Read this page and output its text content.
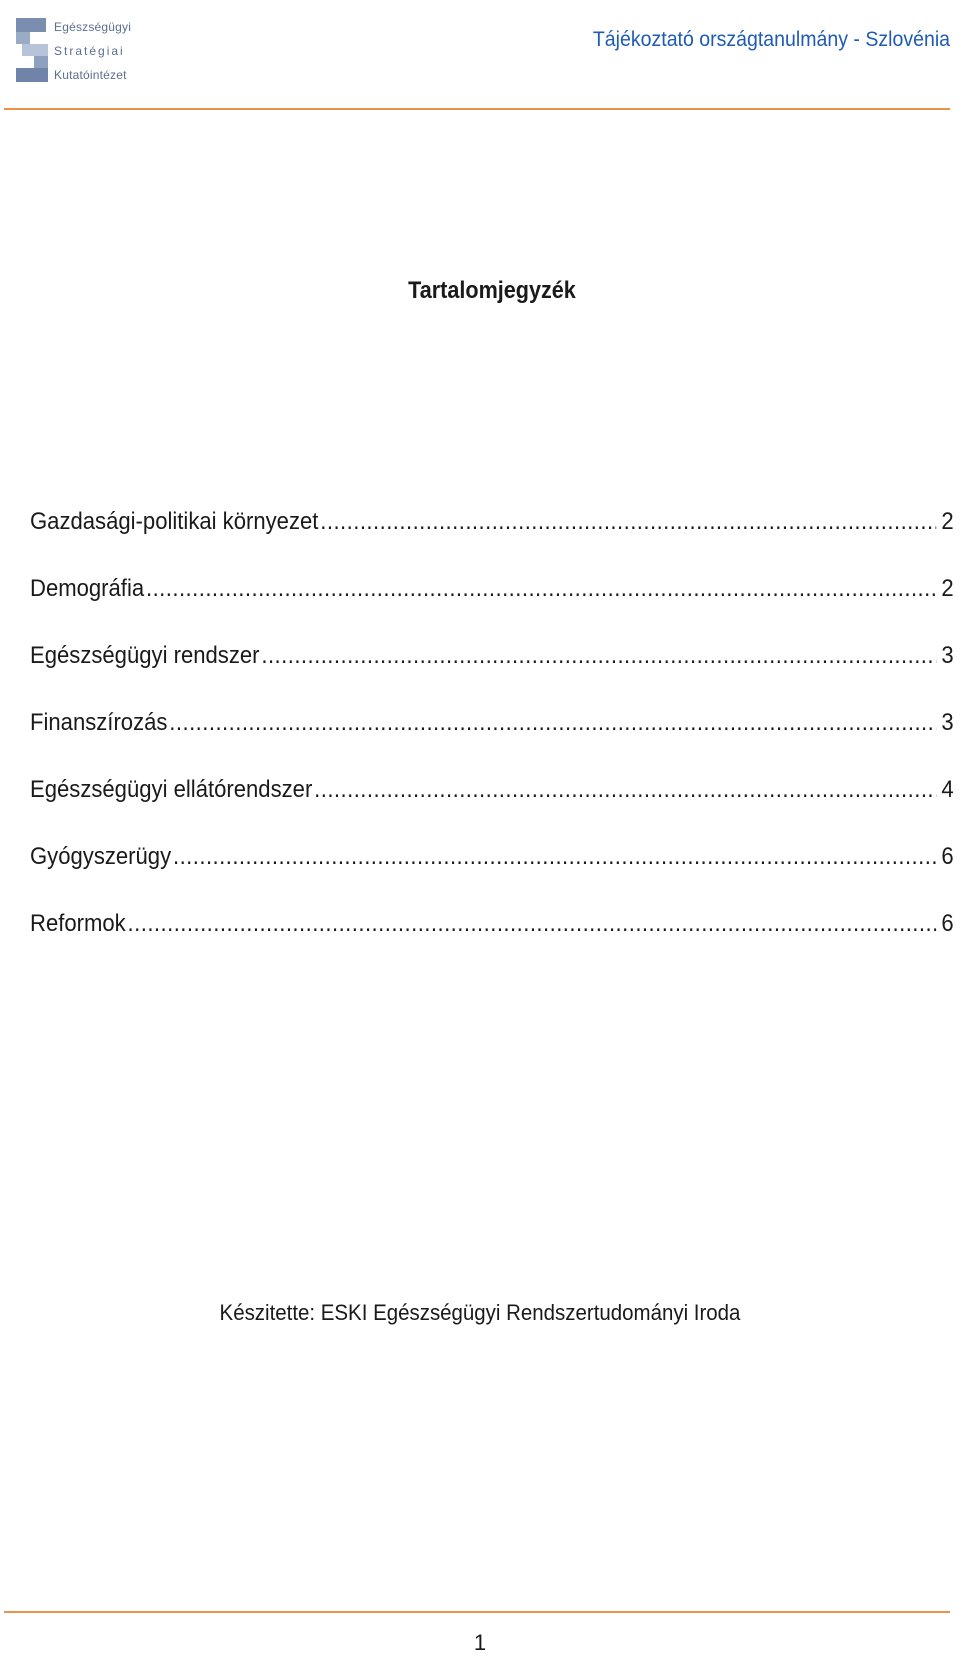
Egészségügyi
Stratégiai
Kutatóintézet
Tájékoztató országtanulmány - Szlovénia
Tartalomjegyzék
Gazdasági-politikai környezet .....	2
Demográfia .....	2
Egészségügyi rendszer .....	3
Finanszírozás .....	3
Egészségügyi ellátórendszer .....	4
Gyógyszerügy .....	6
Reformok .....	6
Készitette: ESKI Egészségügyi Rendszertudományi Iroda
1
